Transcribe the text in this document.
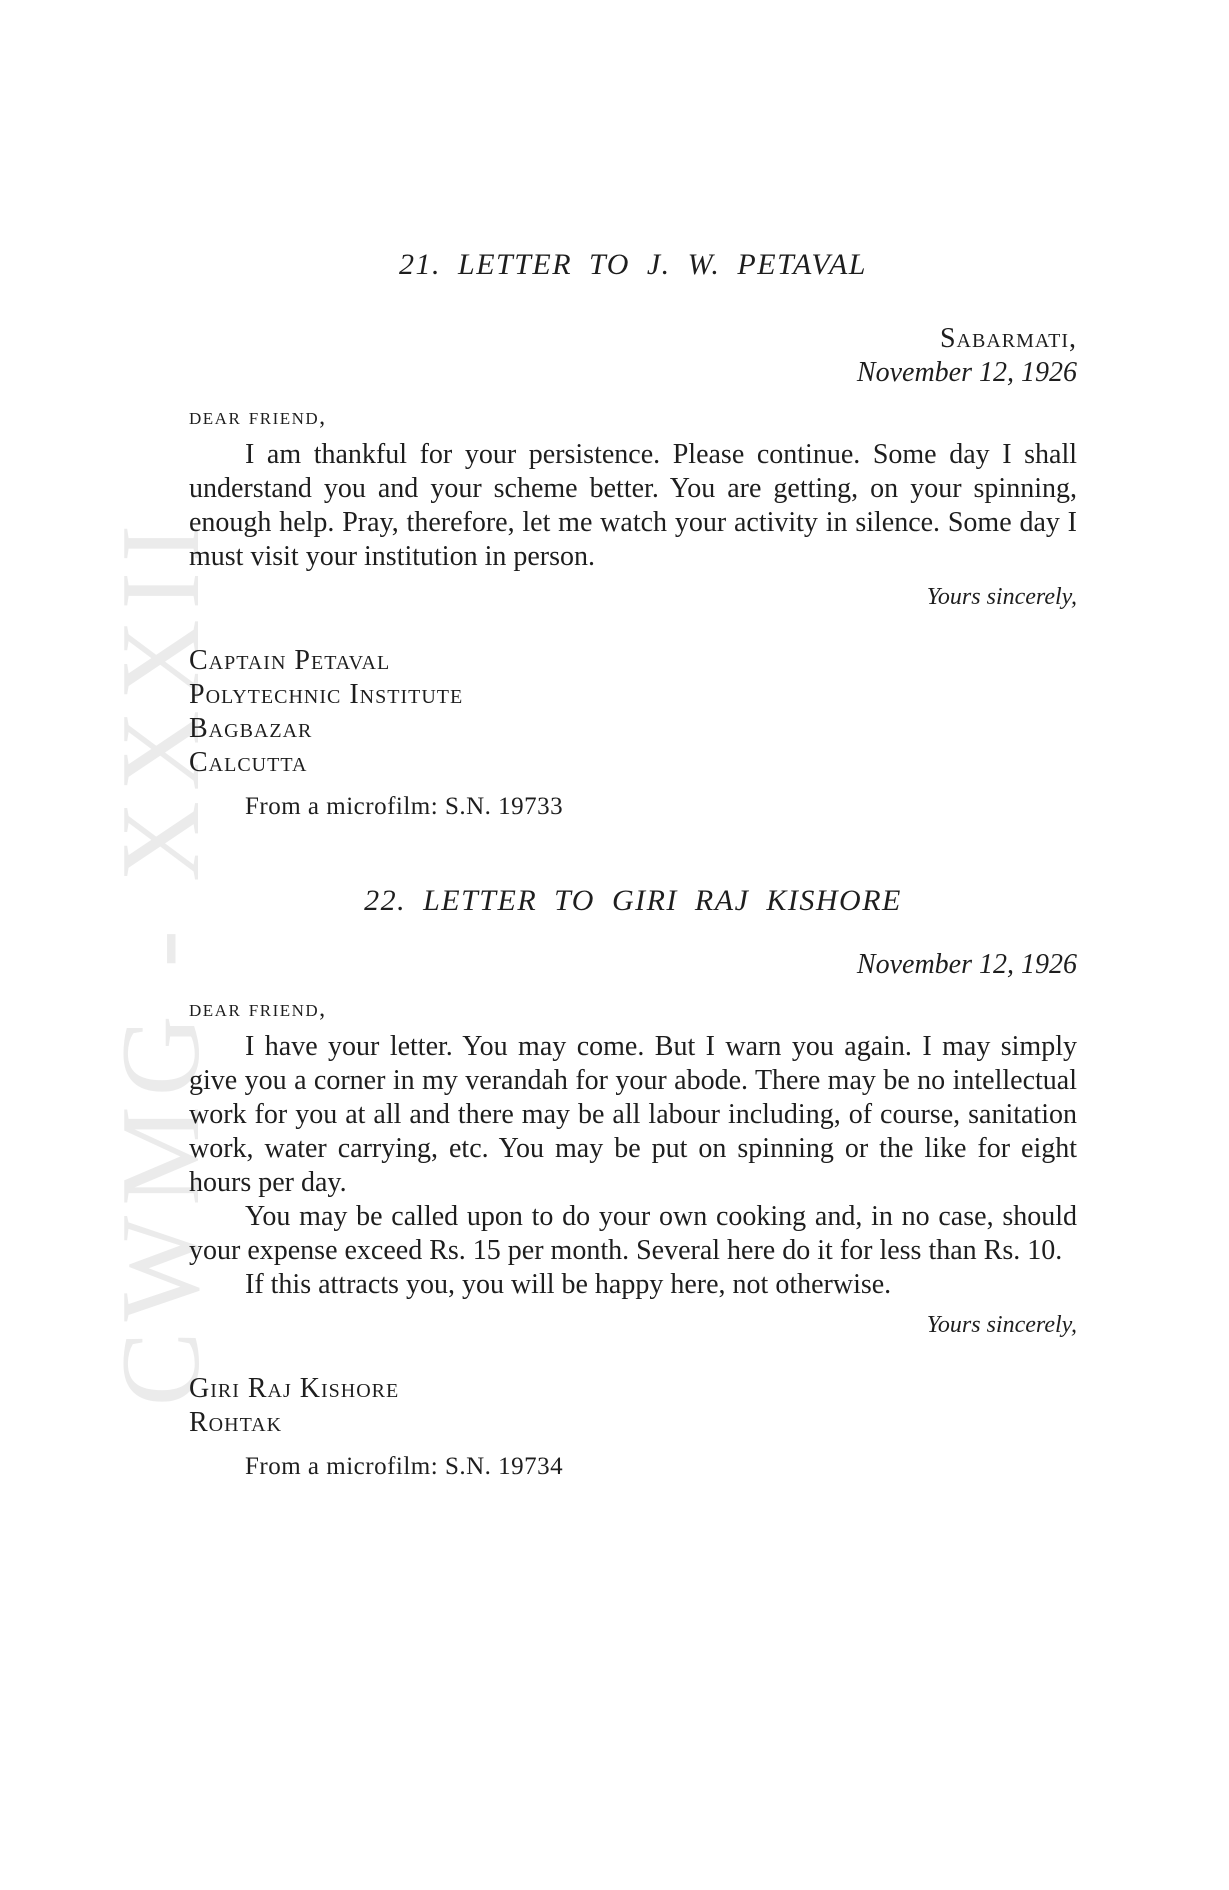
CWMG - XXXII
21. LETTER TO J. W. PETAVAL
Sabarmati,
November 12, 1926
dear friend,

I am thankful for your persistence. Please continue. Some day I shall understand you and your scheme better. You are getting, on your spinning, enough help. Pray, therefore, let me watch your activity in silence. Some day I must visit your institution in person.

Yours sincerely,
Captain Petaval
Polytechnic Institute
Bagbazar
Calcutta
From a microfilm: S.N. 19733
22. LETTER TO GIRI RAJ KISHORE
November 12, 1926
dear friend,

I have your letter. You may come. But I warn you again. I may simply give you a corner in my verandah for your abode. There may be no intellectual work for you at all and there may be all labour including, of course, sanitation work, water carrying, etc. You may be put on spinning or the like for eight hours per day.

You may be called upon to do your own cooking and, in no case, should your expense exceed Rs. 15 per month. Several here do it for less than Rs. 10.

If this attracts you, you will be happy here, not otherwise.

Yours sincerely,
Giri Raj Kishore
Rohtak
From a microfilm: S.N. 19734
